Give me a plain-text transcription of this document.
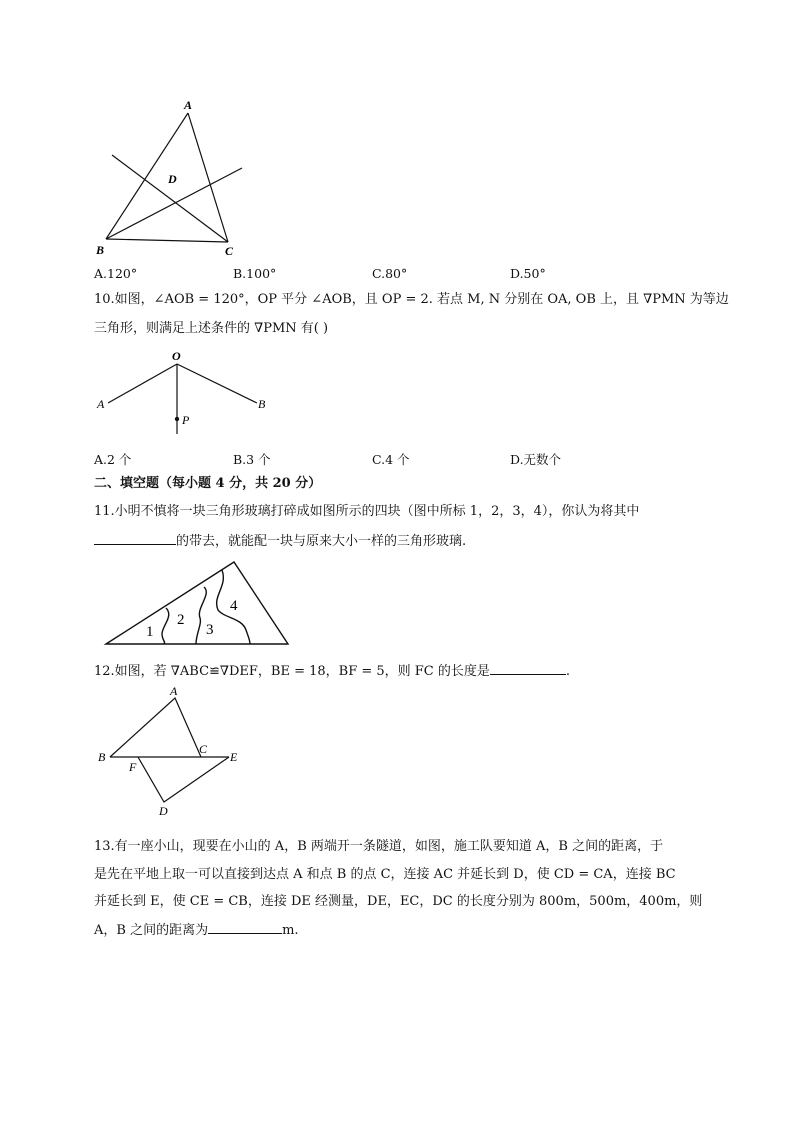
A
D
B	C
A.120°	B.100°	C.80°	D.50°
10.如图，∠AOB = 120°，OP 平分 ∠AOB，且 OP = 2. 若点 M, N 分别在 OA, OB 上，且 ∇PMN 为等边
三角形，则满足上述条件的 ∇PMN 有( )
O
A	B
P
A.2 个	B.3 个	C.4 个	D.无数个
二、填空题（每小题 4 分，共 20 分）
11.小明不慎将一块三角形玻璃打碎成如图所示的四块（图中所标 1，2，3，4），你认为将其中
的带去，就能配一块与原来大小一样的三角形玻璃.
1
2
3
4
12.如图，若 ∇ABC≌∇DEF，BE = 18，BF = 5，则 FC 的长度是	.
A
B
C
E
F
D
13.有一座小山，现要在小山的 A，B 两端开一条隧道，如图，施工队要知道 A，B 之间的距离，于
是先在平地上取一可以直接到达点 A 和点 B 的点 C，连接 AC 并延长到 D，使 CD = CA，连接 BC
并延长到 E，使 CE = CB，连接 DE 经测量，DE，EC，DC 的长度分别为 800m，500m，400m，则
A，B 之间的距离为	m.
